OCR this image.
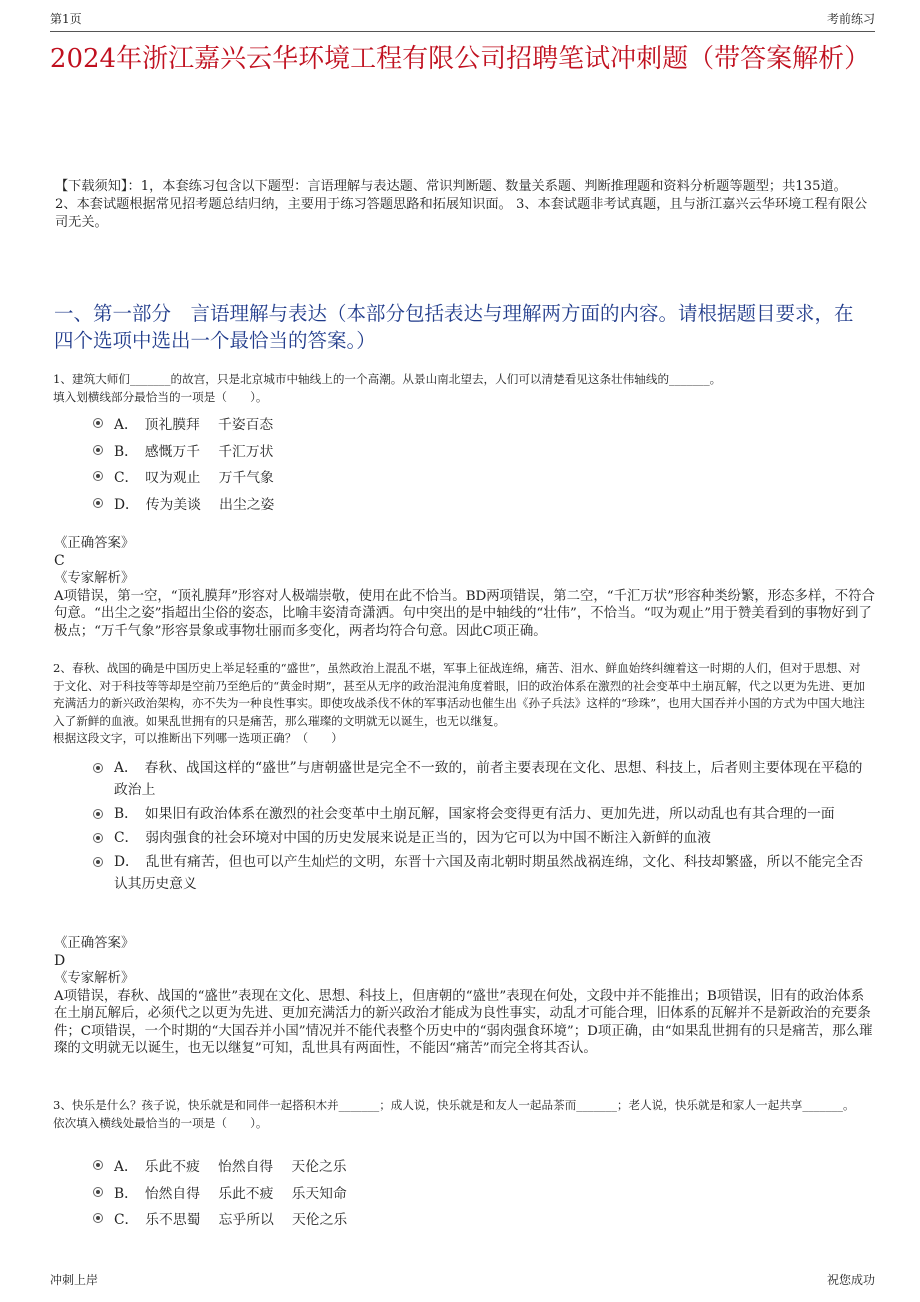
第1页	考前练习
2024年浙江嘉兴云华环境工程有限公司招聘笔试冲刺题（带答案解析）
【下载须知】：1，本套练习包含以下题型：言语理解与表达题、常识判断题、数量关系题、判断推理题和资料分析题等题型；共135道。 2、本套试题根据常见招考题总结归纳，主要用于练习答题思路和拓展知识面。 3、本套试题非考试真题，且与浙江嘉兴云华环境工程有限公司无关。
一、第一部分　言语理解与表达（本部分包括表达与理解两方面的内容。请根据题目要求，在四个选项中选出一个最恰当的答案。）
1、建筑大师们_______的故宫，只是北京城市中轴线上的一个高潮。从景山南北望去，人们可以清楚看见这条壮伟轴线的_______。
填入划横线部分最恰当的一项是（　　）。
A．　顶礼膜拜　 千姿百态
B．　感慨万千　 千汇万状
C．　叹为观止　 万千气象
D．　传为美谈　 出尘之姿
《正确答案》
C
《专家解析》
A项错误，第一空，“顶礼膜拜”形容对人极端崇敬，使用在此不恰当。BD两项错误，第二空，“千汇万状”形容种类纷繁，形态多样，不符合句意。“出尘之姿”指超出尘俗的姿态，比喻丰姿清奇潇洒。句中突出的是中轴线的“壮伟”，不恰当。“叹为观止”用于赞美看到的事物好到了极点；“万千气象”形容景象或事物壮丽而多变化，两者均符合句意。因此C项正确。
2、春秋、战国的确是中国历史上举足轻重的“盛世”，虽然政治上混乱不堪，军事上征战连绵，痛苦、泪水、鲜血始终纠缠着这一时期的人们，但对于思想、对于文化、对于科技等等却是空前乃至绝后的“黄金时期”，甚至从无序的政治混沌角度着眼，旧的政治体系在激烈的社会变革中土崩瓦解，代之以更为先进、更加充满活力的新兴政治架构，亦不失为一种良性事实。即使攻战杀伐不休的军事活动也催生出《孙子兵法》这样的“珍珠”，也用大国吞并小国的方式为中国大地注入了新鲜的血液。如果乱世拥有的只是痛苦，那么璀璨的文明就无以诞生，也无以继复。
根据这段文字，可以推断出下列哪一选项正确？（　　）
A．　春秋、战国这样的“盛世”与唐朝盛世是完全不一致的，前者主要表现在文化、思想、科技上，后者则主要体现在平稳的政治上
B．　如果旧有政治体系在激烈的社会变革中土崩瓦解，国家将会变得更有活力、更加先进，所以动乱也有其合理的一面
C．　弱肉强食的社会环境对中国的历史发展来说是正当的，因为它可以为中国不断注入新鲜的血液
D．　乱世有痛苦，但也可以产生灿烂的文明，东晋十六国及南北朝时期虽然战祸连绵，文化、科技却繁盛，所以不能完全否认其历史意义
《正确答案》
D
《专家解析》
A项错误，春秋、战国的“盛世”表现在文化、思想、科技上，但唐朝的“盛世”表现在何处，文段中并不能推出；B项错误，旧有的政治体系在土崩瓦解后，必须代之以更为先进、更加充满活力的新兴政治才能成为良性事实，动乱才可能合理，旧体系的瓦解并不是新政治的充要条件；C项错误，一个时期的“大国吞并小国”情况并不能代表整个历史中的“弱肉强食环境”；D项正确，由“如果乱世拥有的只是痛苦，那么璀璨的文明就无以诞生，也无以继复”可知，乱世具有两面性，不能因“痛苦”而完全将其否认。
3、快乐是什么？孩子说，快乐就是和同伴一起搭积木并_______；成人说，快乐就是和友人一起品茶而_______；老人说，快乐就是和家人一起共享_______。
依次填入横线处最恰当的一项是（　　）。
A．　乐此不疲　 怡然自得　 天伦之乐
B．　怡然自得　 乐此不疲　 乐天知命
C．　乐不思蜀　 忘乎所以　 天伦之乐
冲刺上岸	祝您成功
